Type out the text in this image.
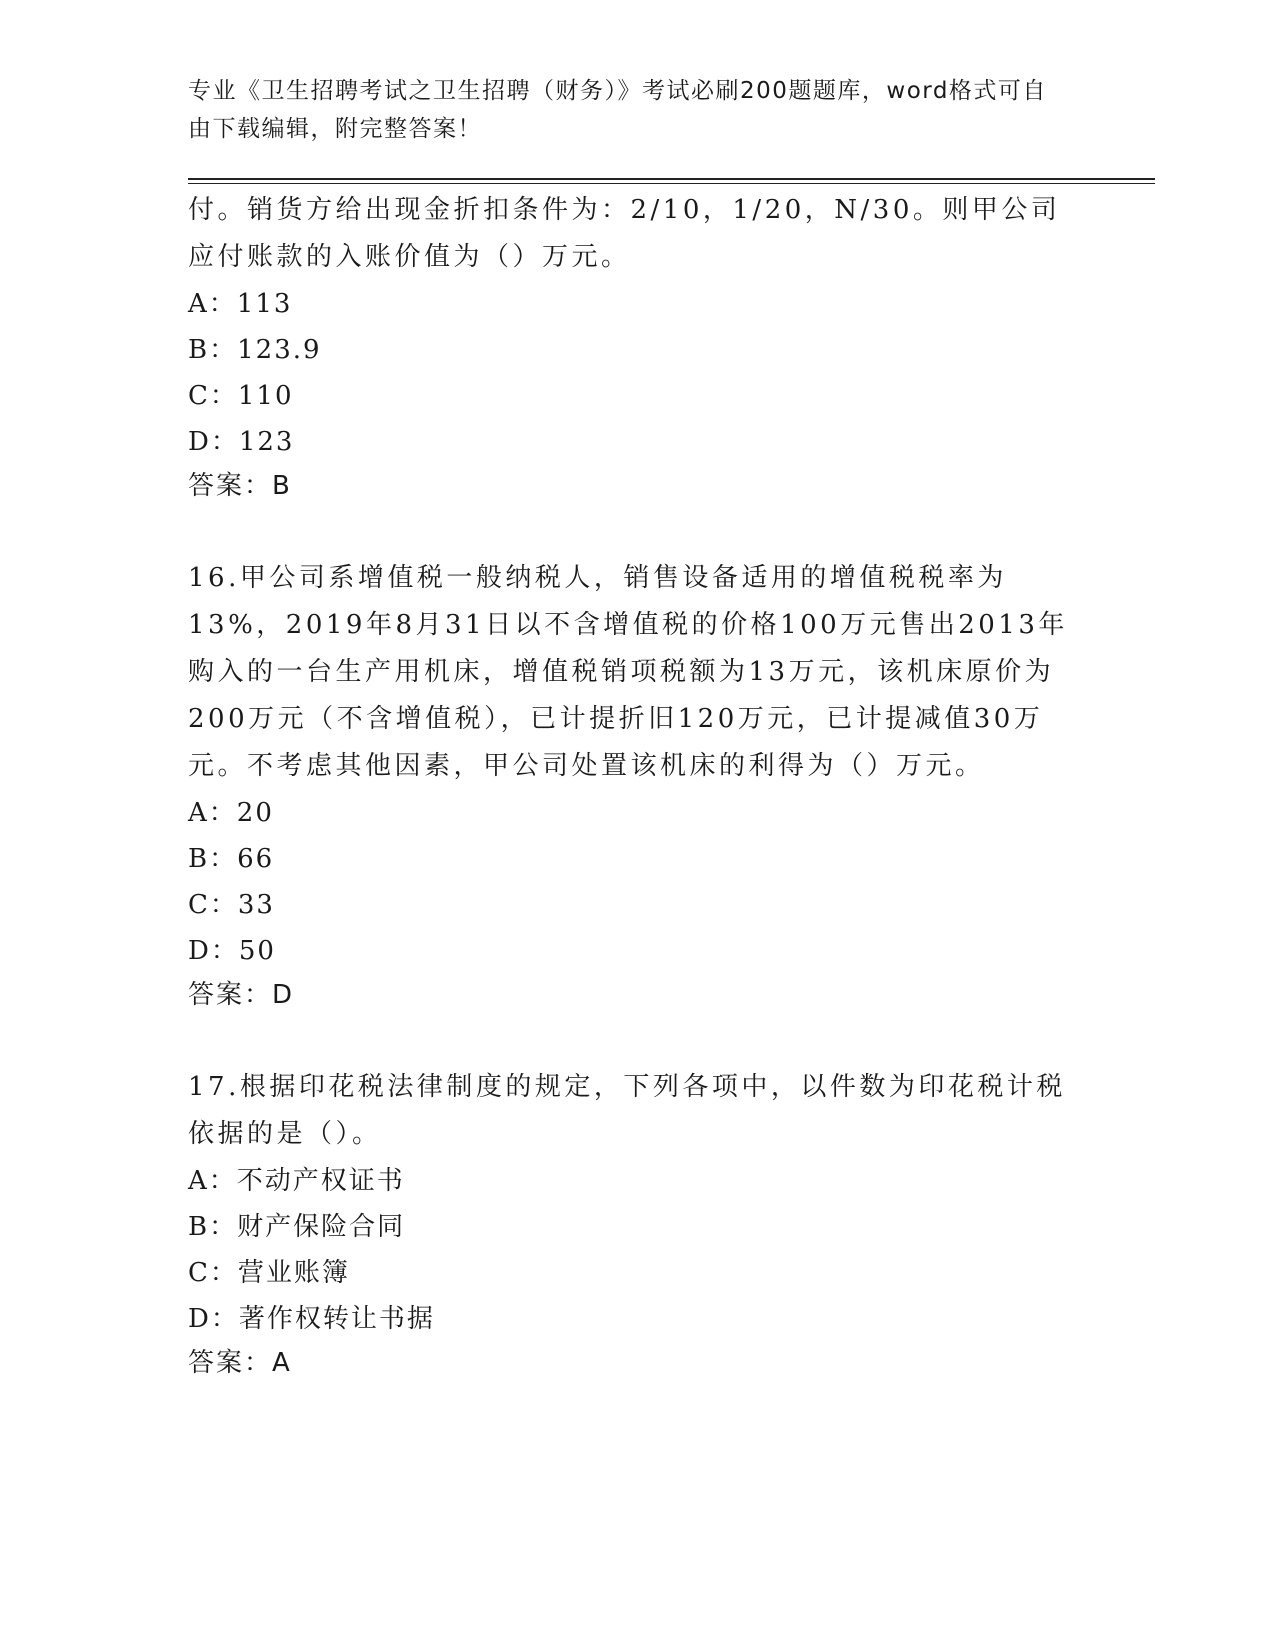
专业《卫生招聘考试之卫生招聘（财务）》考试必刷200题题库，word格式可自由下载编辑，附完整答案！

付。销货方给出现金折扣条件为：2/10，1/20，N/30。则甲公司应付账款的入账价值为（）万元。

A：113

B：123.9

C：110

D：123

答案：B

16.甲公司系增值税一般纳税人，销售设备适用的增值税税率为13%，2019年8月31日以不含增值税的价格100万元售出2013年购入的一台生产用机床，增值税销项税额为13万元，该机床原价为200万元（不含增值税），已计提折旧120万元，已计提减值30万元。不考虑其他因素，甲公司处置该机床的利得为（）万元。

A：20

B：66

C：33

D：50

答案：D

17.根据印花税法律制度的规定，下列各项中，以件数为印花税计税依据的是（）。

A：不动产权证书

B：财产保险合同

C：营业账簿

D：著作权转让书据

答案：A
